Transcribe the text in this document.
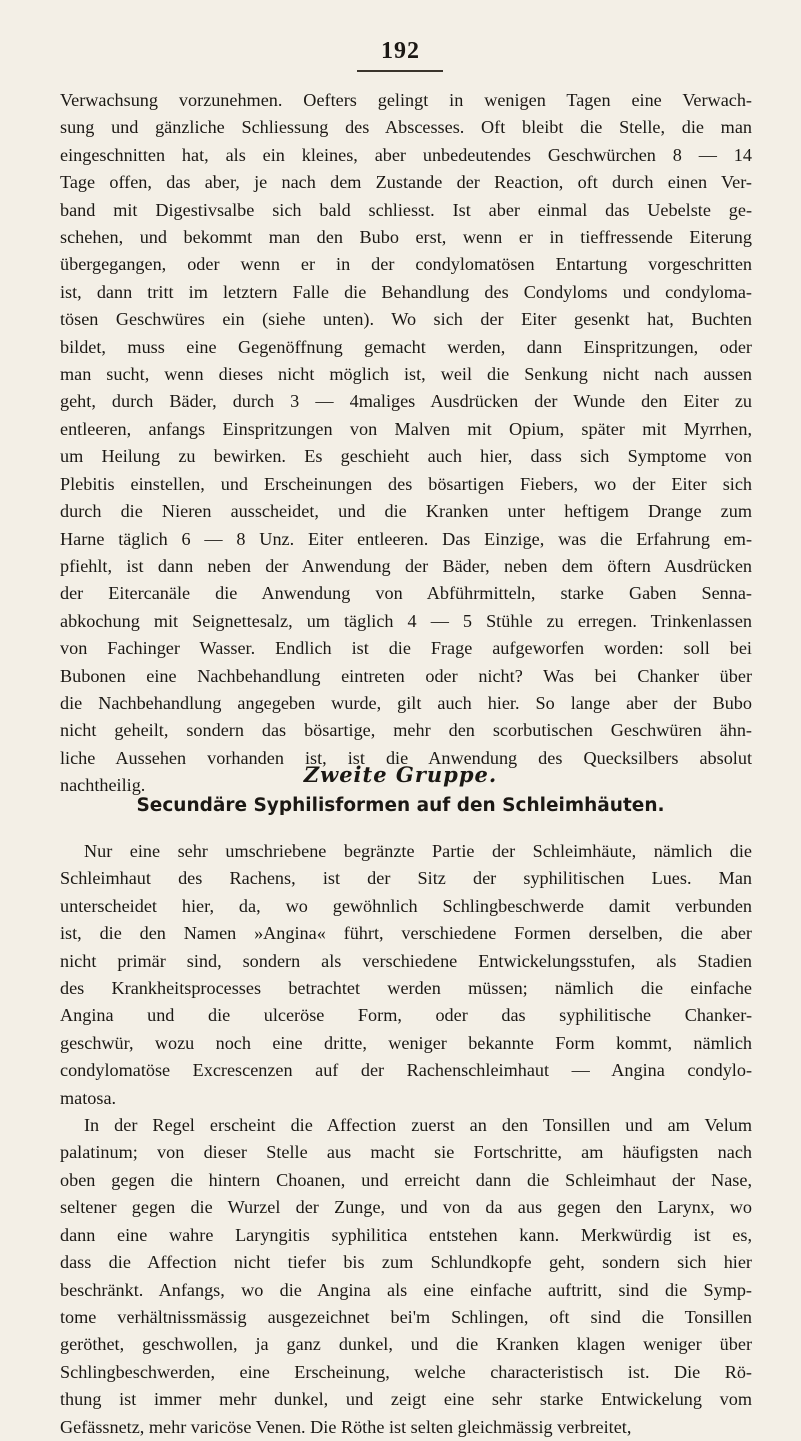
192

Verwachsung vorzunehmen. Oefters gelingt in wenigen Tagen eine Verwach-

sung und gänzliche Schliessung des Abscesses. Oft bleibt die Stelle, die man

eingeschnitten hat, als ein kleines, aber unbedeutendes Geschwürchen 8 — 14

Tage offen, das aber, je nach dem Zustande der Reaction, oft durch einen Ver-

band mit Digestivsalbe sich bald schliesst. Ist aber einmal das Uebelste ge-

schehen, und bekommt man den Bubo erst, wenn er in tieffressende Eiterung

übergegangen, oder wenn er in der condylomatösen Entartung vorgeschritten

ist, dann tritt im letztern Falle die Behandlung des Condyloms und condyloma-

tösen Geschwüres ein (siehe unten). Wo sich der Eiter gesenkt hat, Buchten

bildet, muss eine Gegenöffnung gemacht werden, dann Einspritzungen, oder

man sucht, wenn dieses nicht möglich ist, weil die Senkung nicht nach aussen

geht, durch Bäder, durch 3 — 4maliges Ausdrücken der Wunde den Eiter zu

entleeren, anfangs Einspritzungen von Malven mit Opium, später mit Myrrhen,

um Heilung zu bewirken. Es geschieht auch hier, dass sich Symptome von

Plebitis einstellen, und Erscheinungen des bösartigen Fiebers, wo der Eiter sich

durch die Nieren ausscheidet, und die Kranken unter heftigem Drange zum

Harne täglich 6 — 8 Unz. Eiter entleeren. Das Einzige, was die Erfahrung em-

pfiehlt, ist dann neben der Anwendung der Bäder, neben dem öftern Ausdrücken

der Eitercanäle die Anwendung von Abführmitteln, starke Gaben Senna-

abkochung mit Seignettesalz, um täglich 4 — 5 Stühle zu erregen. Trinkenlassen

von Fachinger Wasser. Endlich ist die Frage aufgeworfen worden: soll bei

Bubonen eine Nachbehandlung eintreten oder nicht? Was bei Chanker über

die Nachbehandlung angegeben wurde, gilt auch hier. So lange aber der Bubo

nicht geheilt, sondern das bösartige, mehr den scorbutischen Geschwüren ähn-

liche Aussehen vorhanden ist, ist die Anwendung des Quecksilbers absolut

nachtheilig.	Zweite Gruppe.
Secundäre Syphilisformen auf den Schleimhäuten.

Nur eine sehr umschriebene begränzte Partie der Schleimhäute, nämlich die

Schleimhaut des Rachens, ist der Sitz der syphilitischen Lues. Man

unterscheidet hier, da, wo gewöhnlich Schlingbeschwerde damit verbunden

ist, die den Namen »Angina« führt, verschiedene Formen derselben, die aber

nicht primär sind, sondern als verschiedene Entwickelungsstufen, als Stadien

des Krankheitsprocesses betrachtet werden müssen; nämlich die einfache

Angina und die ulceröse Form, oder das syphilitische Chanker-

geschwür, wozu noch eine dritte, weniger bekannte Form kommt, nämlich

condylomatöse Excrescenzen auf der Rachenschleimhaut — Angina condylo-

matosa.

In der Regel erscheint die Affection zuerst an den Tonsillen und am Velum

palatinum; von dieser Stelle aus macht sie Fortschritte, am häufigsten nach

oben gegen die hintern Choanen, und erreicht dann die Schleimhaut der Nase,

seltener gegen die Wurzel der Zunge, und von da aus gegen den Larynx, wo

dann eine wahre Laryngitis syphilitica entstehen kann. Merkwürdig ist es,

dass die Affection nicht tiefer bis zum Schlundkopfe geht, sondern sich hier

beschränkt. Anfangs, wo die Angina als eine einfache auftritt, sind die Symp-

tome verhältnissmässig ausgezeichnet bei'm Schlingen, oft sind die Tonsillen

geröthet, geschwollen, ja ganz dunkel, und die Kranken klagen weniger über

Schlingbeschwerden, eine Erscheinung, welche characteristisch ist. Die Rö-

thung ist immer mehr dunkel, und zeigt eine sehr starke Entwickelung vom

Gefässnetz, mehr varicöse Venen. Die Röthe ist selten gleichmässig verbreitet,
